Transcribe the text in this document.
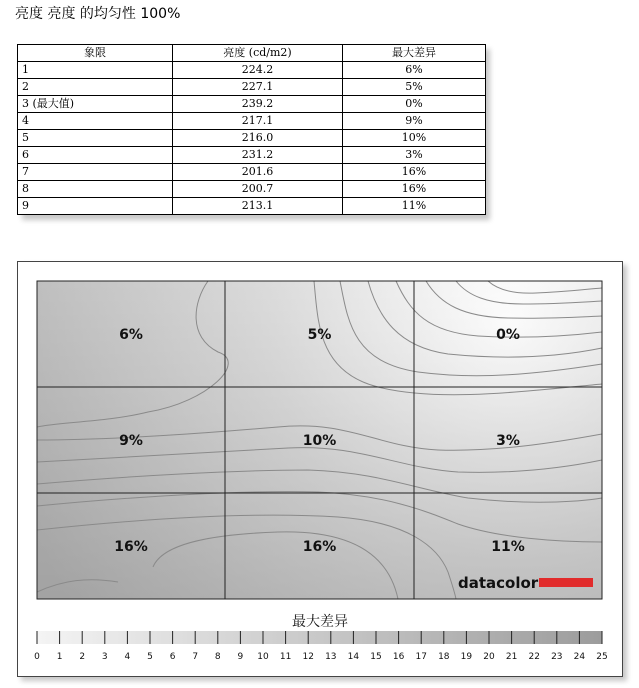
亮度 亮度 的均匀性 100%
象限	亮度 (cd/m2)	最大差异
1	224.2	6%
2	227.1	5%
3 (最大值)	239.2	0%
4	217.1	9%
5	216.0	10%
6	231.2	3%
7	201.6	16%
8	200.7	16%
9	213.1	11%
6%	5%	0%
9%	10%	3%
16%	16%	11%
datacolor
最大差异
0 1 2 3 4 5 6 7 8 9 10 11 12 13 14 15 16 17 18 19 20 21 22 23 24 25
